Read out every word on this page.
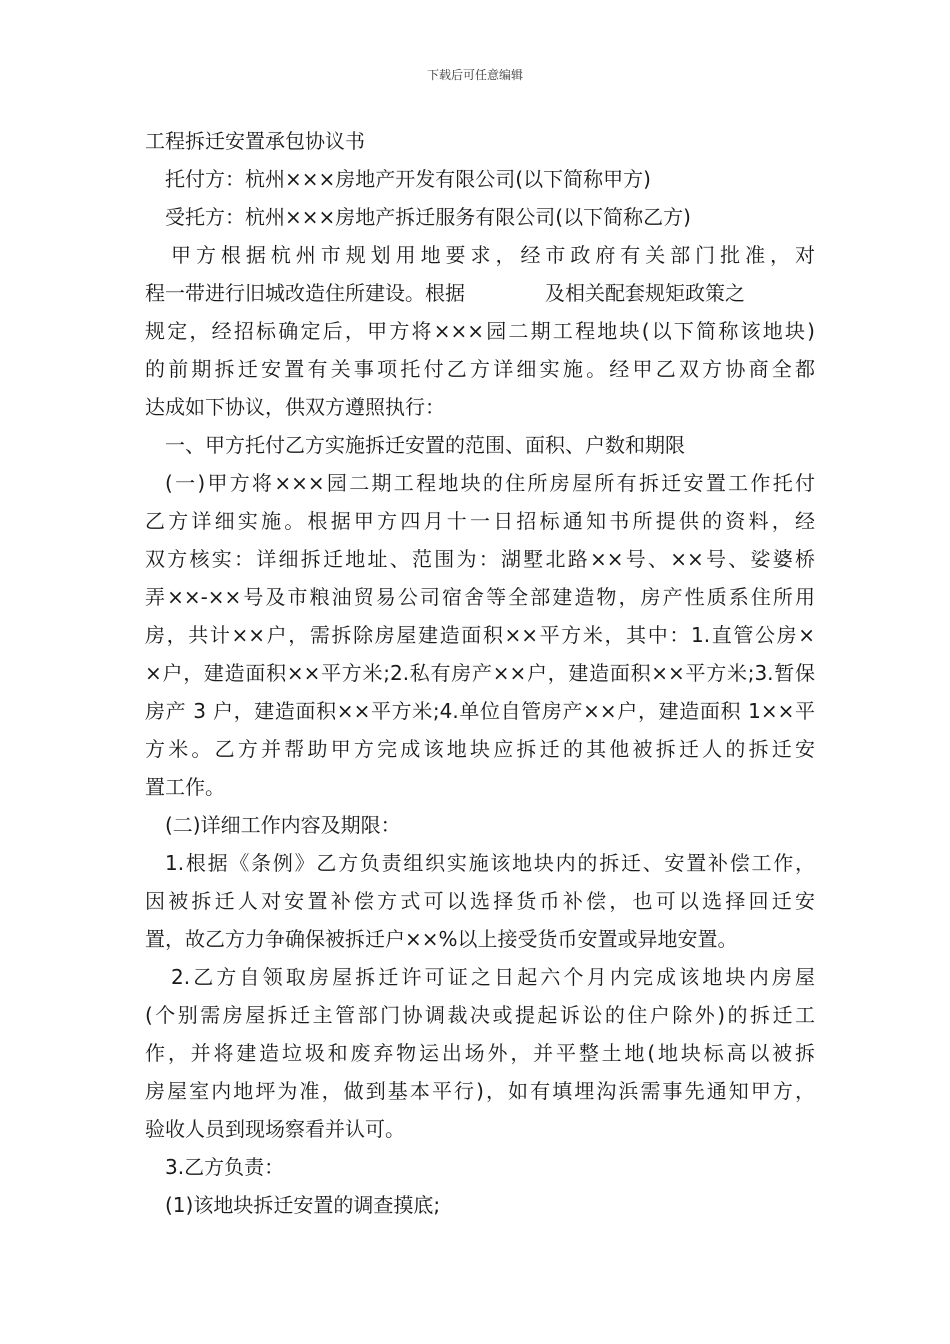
下载后可任意编辑
工程拆迁安置承包协议书
托付方：杭州×××房地产开发有限公司(以下简称甲方)
受托方：杭州×××房地产拆迁服务有限公司(以下简称乙方)
甲方根据杭州市规划用地要求，经市政府有关部门批准，对
程一带进行旧城改造住所建设。根据	及相关配套规矩政策之
规定，经招标确定后，甲方将×××园二期工程地块(以下简称该地块)
的前期拆迁安置有关事项托付乙方详细实施。经甲乙双方协商全都
达成如下协议，供双方遵照执行：
一、甲方托付乙方实施拆迁安置的范围、面积、户数和期限
(一)甲方将×××园二期工程地块的住所房屋所有拆迁安置工作托付
乙方详细实施。根据甲方四月十一日招标通知书所提供的资料，经
双方核实：详细拆迁地址、范围为：湖墅北路××号、××号、娑婆桥
弄××-××号及市粮油贸易公司宿舍等全部建造物，房产性质系住所用
房，共计××户，需拆除房屋建造面积××平方米，其中：1.直管公房×
×户，建造面积××平方米;2.私有房产××户，建造面积××平方米;3.暂保
房产 3 户，建造面积××平方米;4.单位自管房产××户，建造面积 1××平
方米。乙方并帮助甲方完成该地块应拆迁的其他被拆迁人的拆迁安
置工作。
(二)详细工作内容及期限：
1.根据《条例》乙方负责组织实施该地块内的拆迁、安置补偿工作，
因被拆迁人对安置补偿方式可以选择货币补偿，也可以选择回迁安
置，故乙方力争确保被拆迁户××%以上接受货币安置或异地安置。
2.乙方自领取房屋拆迁许可证之日起六个月内完成该地块内房屋
(个别需房屋拆迁主管部门协调裁决或提起诉讼的住户除外)的拆迁工
作，并将建造垃圾和废弃物运出场外，并平整土地(地块标高以被拆
房屋室内地坪为准，做到基本平行)，如有填埋沟浜需事先通知甲方，
验收人员到现场察看并认可。
3.乙方负责：
(1)该地块拆迁安置的调查摸底;
